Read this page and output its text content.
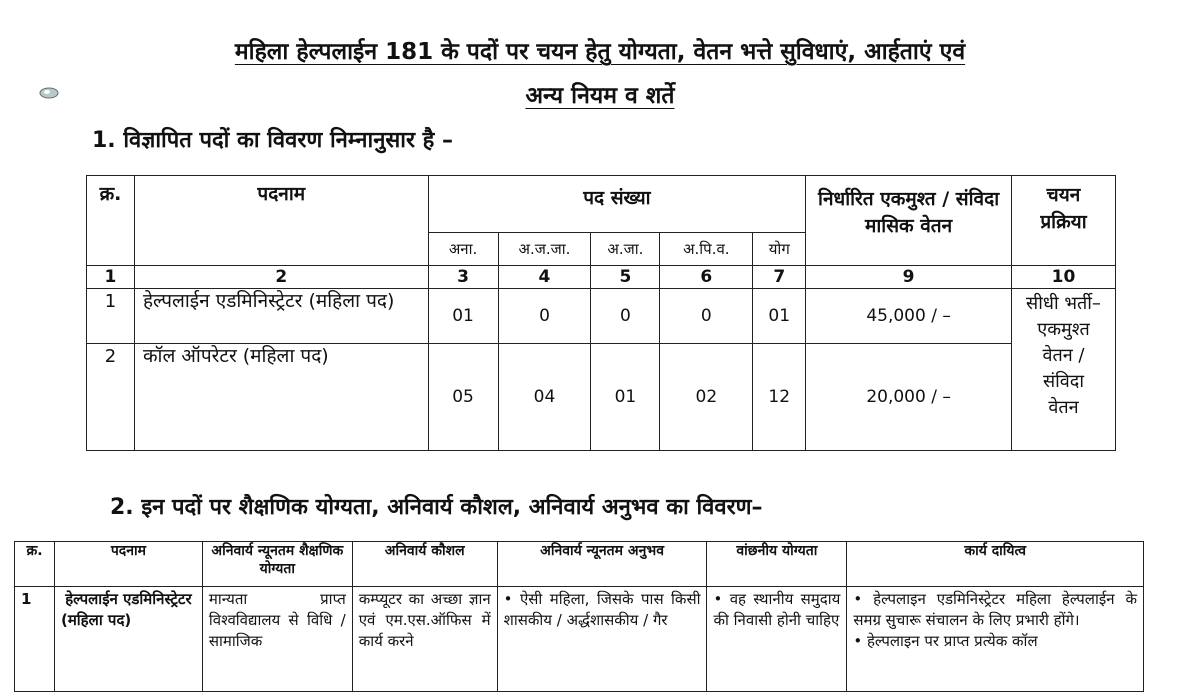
महिला हेल्पलाईन 181 के पदों पर चयन हेतु योग्यता, वेतन भत्ते सुविधाएं, आर्हताएं एवं
अन्य नियम व शर्ते
1. विज्ञापित पदों का विवरण निम्नानुसार है –
क्र.	पदनाम	पद संख्या					निर्धारित एकमुश्त / संविदा मासिक वेतन	चयन प्रक्रिया
		अना.	अ.ज.जा.	अ.जा.	अ.पि.व.	योग		
1	2	3	4	5	6	7	9	10
1	हेल्पलाईन एडमिनिस्ट्रेटर (महिला पद)	01	0	0	0	01	45,000 / –	सीधी भर्ती– एकमुश्त वेतन / संविदा वेतन
2	कॉल ऑपरेटर (महिला पद)	05	04	01	02	12	20,000 / –	
2. इन पदों पर शैक्षणिक योग्यता, अनिवार्य कौशल, अनिवार्य अनुभव का विवरण–
क्र.	पदनाम	अनिवार्य न्यूनतम शैक्षणिक योग्यता	अनिवार्य कौशल	अनिवार्य न्यूनतम अनुभव	वांछनीय योग्यता	कार्य दायित्व
1	हेल्पलाईन एडमिनिस्ट्रेटर (महिला पद)	मान्यता प्राप्त विश्वविद्यालय से विधि / सामाजिक	कम्प्यूटर का अच्छा ज्ञान एवं एम.एस.ऑफिस में कार्य करने	• ऐसी महिला, जिसके पास किसी शासकीय / अर्द्धशासकीय / गैर	• वह स्थानीय समुदाय की निवासी होनी चाहिए	• हेल्पलाइन एडमिनिस्ट्रेटर महिला हेल्पलाईन के समग्र सुचारू संचालन के लिए प्रभारी होंगे।
• हेल्पलाइन पर प्राप्त प्रत्येक कॉल
